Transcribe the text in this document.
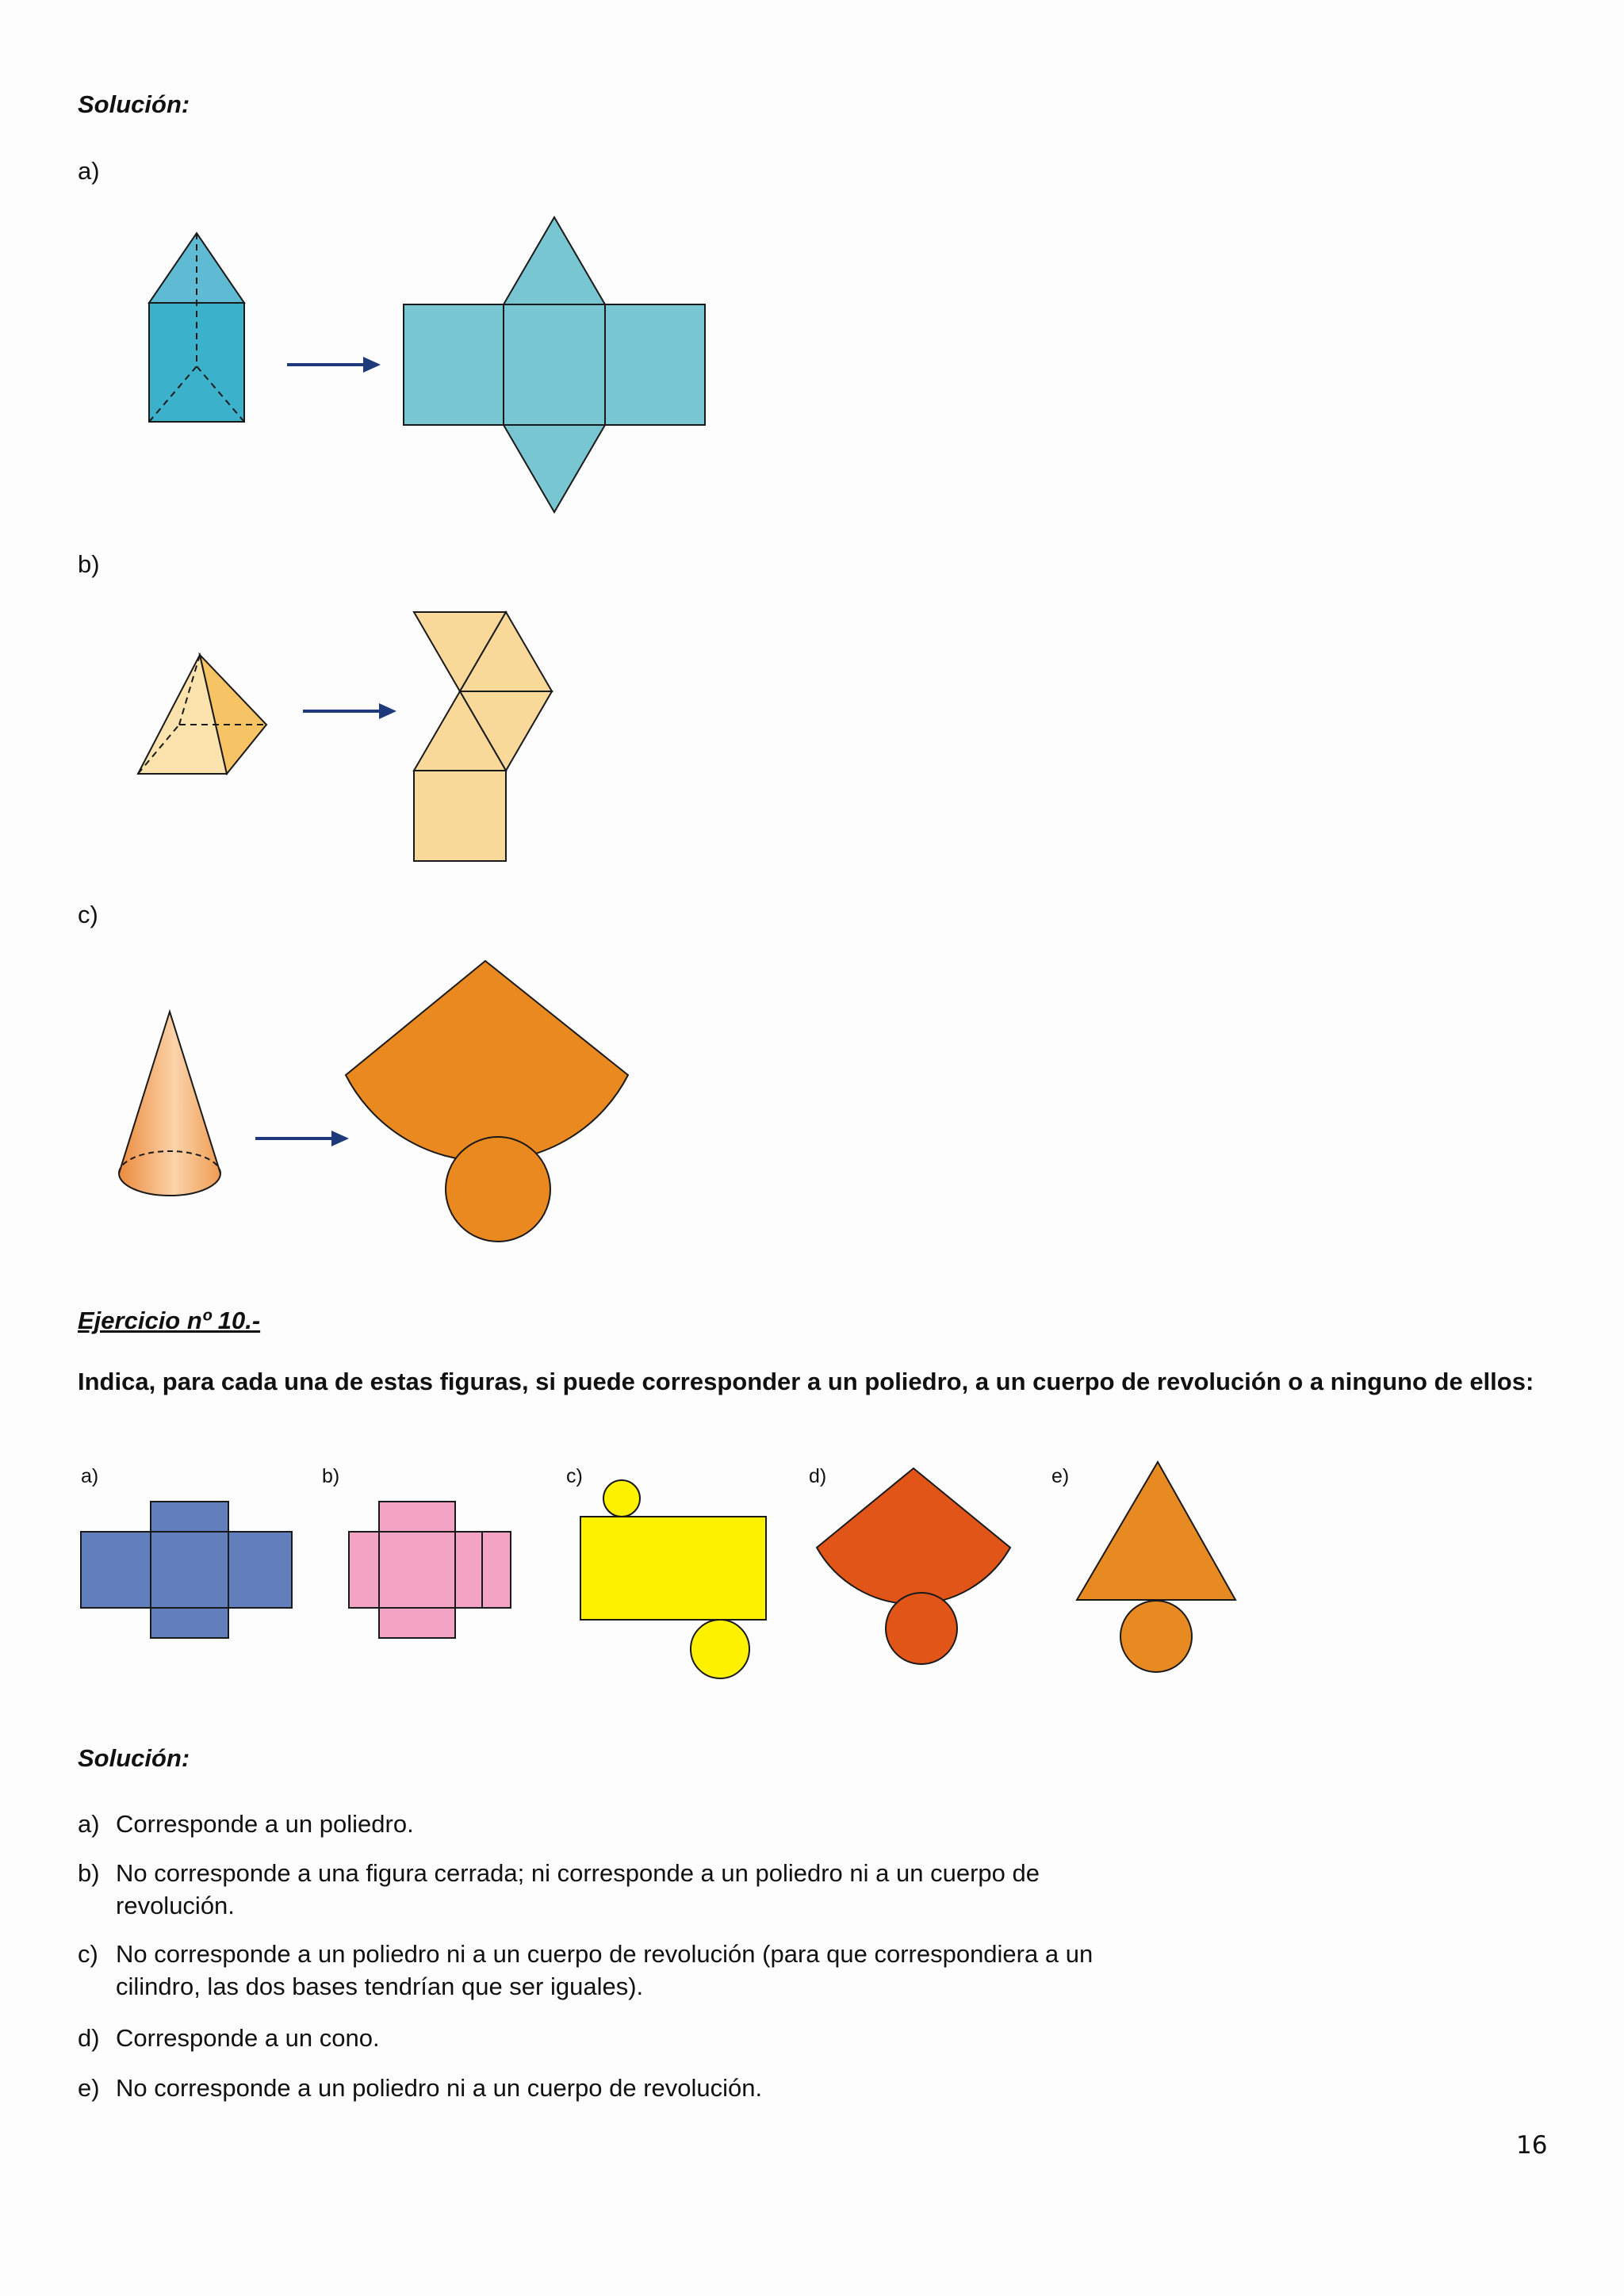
Solución:
a)
b)
c)
Ejercicio nº 10.-
Indica, para cada una de estas figuras, si puede corresponder a un poliedro, a un cuerpo de revolución o a ninguno de ellos:
a)	b)	c)	d)	e)
Solución:
a) Corresponde a un poliedro.
b) No corresponde a una figura cerrada; ni corresponde a un poliedro ni a un cuerpo de
revolución.
c) No corresponde a un poliedro ni a un cuerpo de revolución (para que correspondiera a un
cilindro, las dos bases tendrían que ser iguales).
d) Corresponde a un cono.
e) No corresponde a un poliedro ni a un cuerpo de revolución.
16
